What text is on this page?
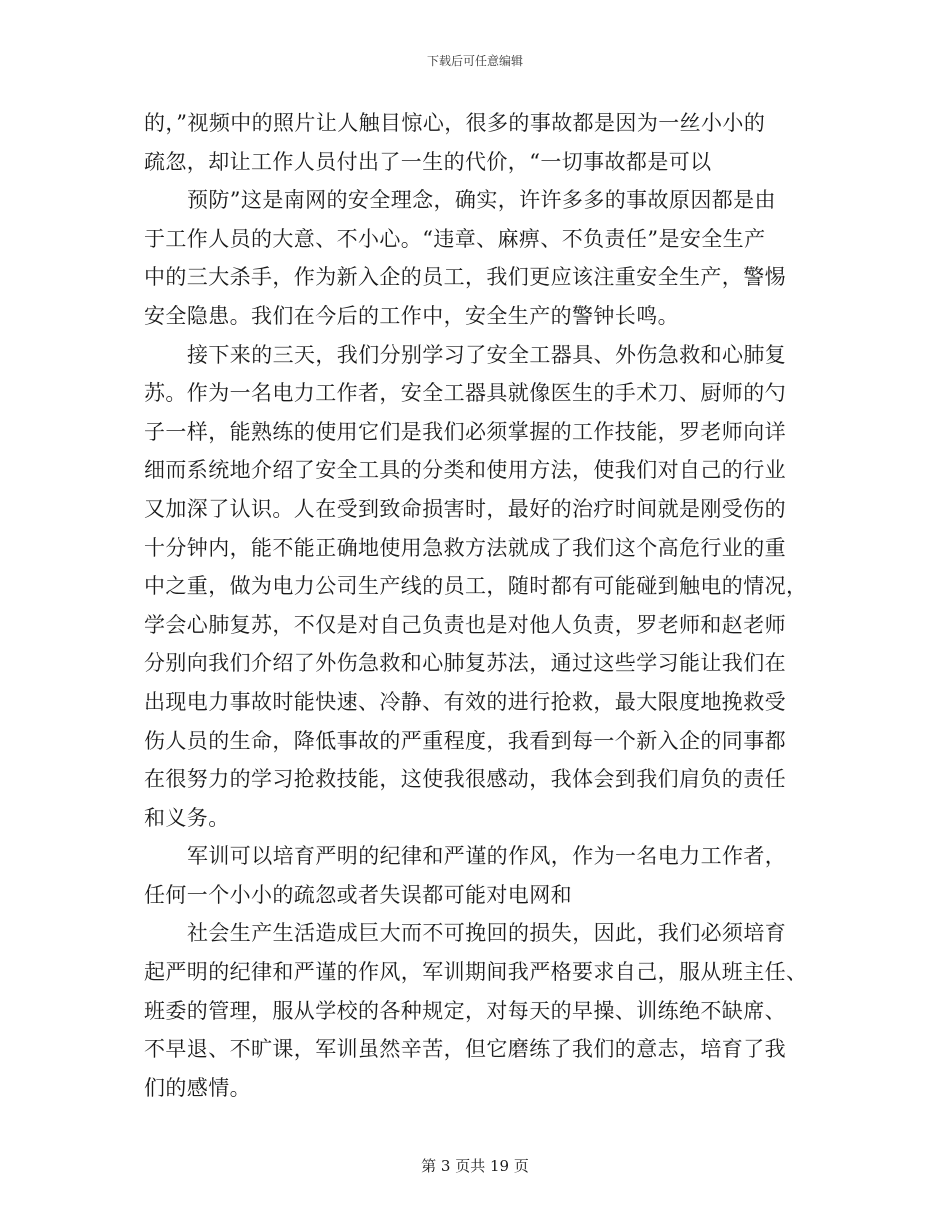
下载后可任意编辑
的，”视频中的照片让人触目惊心，很多的事故都是因为一丝小小的
疏忽，却让工作人员付出了一生的代价，“一切事故都是可以
预防”这是南网的安全理念，确实，许许多多的事故原因都是由
于工作人员的大意、不小心。“违章、麻痹、不负责任”是安全生产
中的三大杀手，作为新入企的员工，我们更应该注重安全生产，警惕
安全隐患。我们在今后的工作中，安全生产的警钟长鸣。
接下来的三天，我们分别学习了安全工器具、外伤急救和心肺复
苏。作为一名电力工作者，安全工器具就像医生的手术刀、厨师的勺
子一样，能熟练的使用它们是我们必须掌握的工作技能，罗老师向详
细而系统地介绍了安全工具的分类和使用方法，使我们对自己的行业
又加深了认识。人在受到致命损害时，最好的治疗时间就是刚受伤的
十分钟内，能不能正确地使用急救方法就成了我们这个高危行业的重
中之重，做为电力公司生产线的员工，随时都有可能碰到触电的情况，
学会心肺复苏，不仅是对自己负责也是对他人负责，罗老师和赵老师
分别向我们介绍了外伤急救和心肺复苏法，通过这些学习能让我们在
出现电力事故时能快速、冷静、有效的进行抢救，最大限度地挽救受
伤人员的生命，降低事故的严重程度，我看到每一个新入企的同事都
在很努力的学习抢救技能，这使我很感动，我体会到我们肩负的责任
和义务。
军训可以培育严明的纪律和严谨的作风，作为一名电力工作者，
任何一个小小的疏忽或者失误都可能对电网和
社会生产生活造成巨大而不可挽回的损失，因此，我们必须培育
起严明的纪律和严谨的作风，军训期间我严格要求自己，服从班主任、
班委的管理，服从学校的各种规定，对每天的早操、训练绝不缺席、
不早退、不旷课，军训虽然辛苦，但它磨练了我们的意志，培育了我
们的感情。
第 3 页共 19 页
